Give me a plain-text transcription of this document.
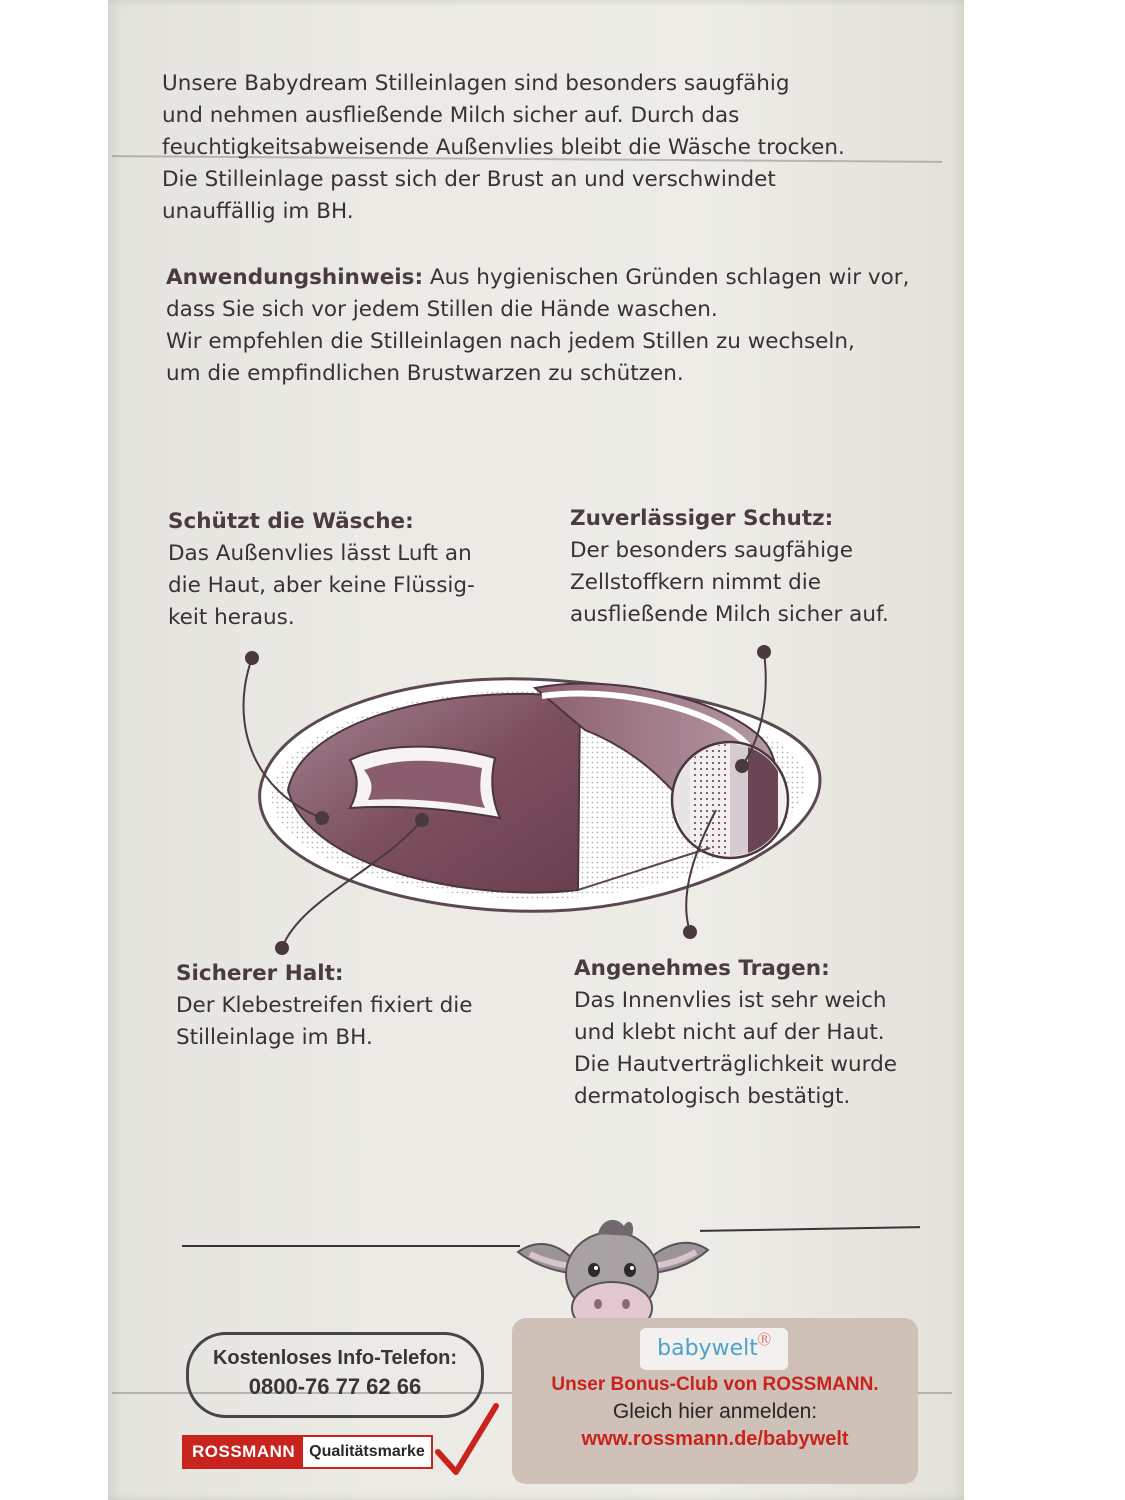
Unsere Babydream Stilleinlagen sind besonders saugfähig
und nehmen ausfließende Milch sicher auf. Durch das
feuchtigkeitsabweisende Außenvlies bleibt die Wäsche trocken.
Die Stilleinlage passt sich der Brust an und verschwindet
unauffällig im BH.
Anwendungshinweis: Aus hygienischen Gründen schlagen wir vor,
dass Sie sich vor jedem Stillen die Hände waschen.
Wir empfehlen die Stilleinlagen nach jedem Stillen zu wechseln,
um die empfindlichen Brustwarzen zu schützen.
Schützt die Wäsche:
Das Außenvlies lässt Luft an
die Haut, aber keine Flüssig-
keit heraus.
Zuverlässiger Schutz:
Der besonders saugfähige
Zellstoffkern nimmt die
ausfließende Milch sicher auf.
Sicherer Halt:
Der Klebestreifen fixiert die
Stilleinlage im BH.
Angenehmes Tragen:
Das Innenvlies ist sehr weich
und klebt nicht auf der Haut.
Die Hautverträglichkeit wurde
dermatologisch bestätigt.
Kostenloses Info-Telefon:
0800-76 77 62 66
babyweltⓇ
Unser Bonus-Club von ROSSMANN.
Gleich hier anmelden:
www.rossmann.de/babywelt
ROSSMANN Qualitätsmarke
